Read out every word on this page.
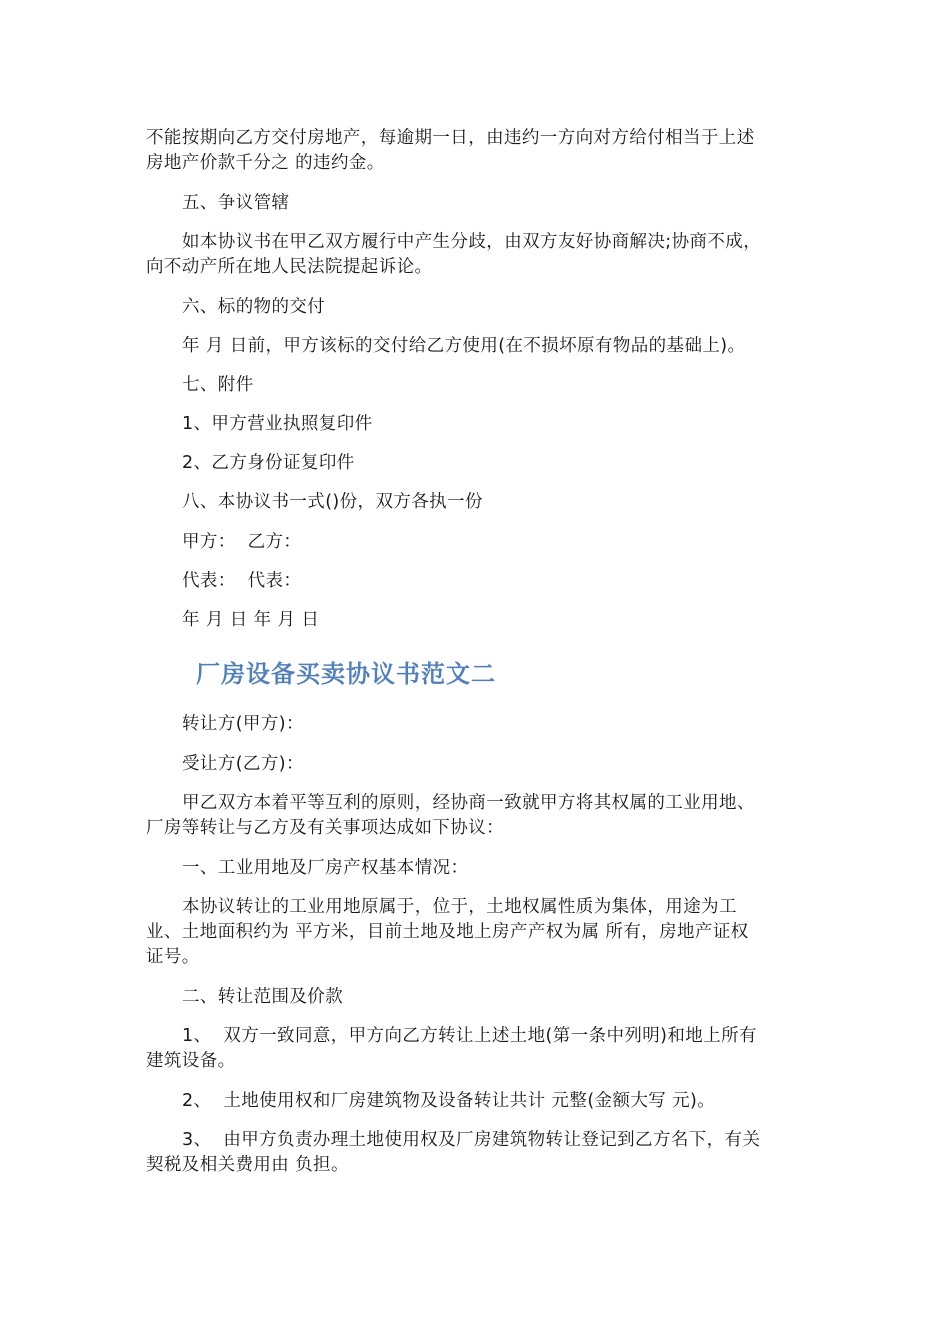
不能按期向乙方交付房地产，每逾期一日，由违约一方向对方给付相当于上述
房地产价款千分之 的违约金。
五、争议管辖
如本协议书在甲乙双方履行中产生分歧，由双方友好协商解决;协商不成，
向不动产所在地人民法院提起诉论。
六、标的物的交付
年 月 日前，甲方该标的交付给乙方使用(在不损坏原有物品的基础上)。
七、附件
1、甲方营业执照复印件
2、乙方身份证复印件
八、本协议书一式()份，双方各执一份
甲方：  乙方：
代表：  代表：
年 月 日 年 月 日
厂房设备买卖协议书范文二
转让方(甲方)：
受让方(乙方)：
甲乙双方本着平等互利的原则，经协商一致就甲方将其权属的工业用地、
厂房等转让与乙方及有关事项达成如下协议：
一、工业用地及厂房产权基本情况：
本协议转让的工业用地原属于，位于，土地权属性质为集体，用途为工
业、土地面积约为 平方米，目前土地及地上房产产权为属 所有，房地产证权
证号。
二、转让范围及价款
1、  双方一致同意，甲方向乙方转让上述土地(第一条中列明)和地上所有
建筑设备。
2、  土地使用权和厂房建筑物及设备转让共计 元整(金额大写 元)。
3、  由甲方负责办理土地使用权及厂房建筑物转让登记到乙方名下，有关
契税及相关费用由 负担。
